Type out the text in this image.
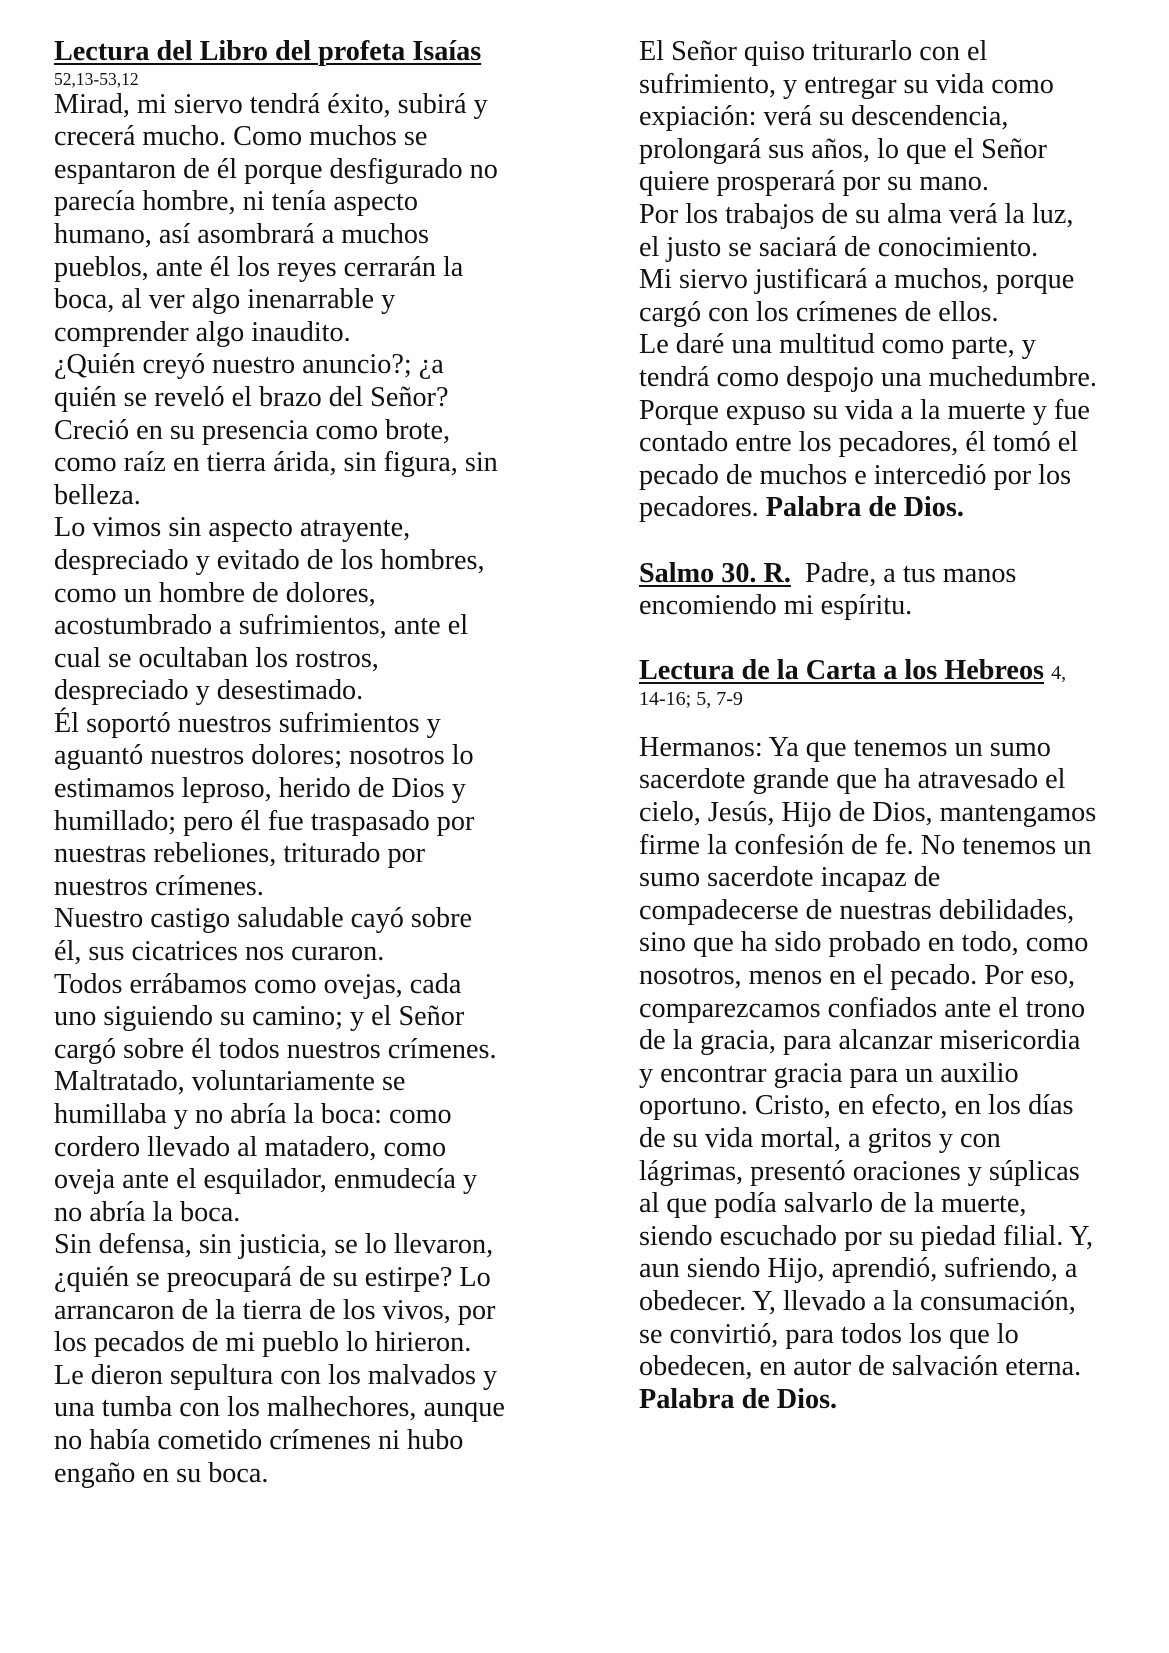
Lectura del Libro del profeta Isaías
52,13-53,12
Mirad, mi siervo tendrá éxito, subirá y
crecerá mucho. Como muchos se
espantaron de él porque desfigurado no
parecía hombre, ni tenía aspecto
humano, así asombrará a muchos
pueblos, ante él los reyes cerrarán la
boca, al ver algo inenarrable y
comprender algo inaudito.
¿Quién creyó nuestro anuncio?; ¿a
quién se reveló el brazo del Señor?
Creció en su presencia como brote,
como raíz en tierra árida, sin figura, sin
belleza.
Lo vimos sin aspecto atrayente,
despreciado y evitado de los hombres,
como un hombre de dolores,
acostumbrado a sufrimientos, ante el
cual se ocultaban los rostros,
despreciado y desestimado.
Él soportó nuestros sufrimientos y
aguantó nuestros dolores; nosotros lo
estimamos leproso, herido de Dios y
humillado; pero él fue traspasado por
nuestras rebeliones, triturado por
nuestros crímenes.
Nuestro castigo saludable cayó sobre
él, sus cicatrices nos curaron.
Todos errábamos como ovejas, cada
uno siguiendo su camino; y el Señor
cargó sobre él todos nuestros crímenes.
Maltratado, voluntariamente se
humillaba y no abría la boca: como
cordero llevado al matadero, como
oveja ante el esquilador, enmudecía y
no abría la boca.
Sin defensa, sin justicia, se lo llevaron,
¿quién se preocupará de su estirpe? Lo
arrancaron de la tierra de los vivos, por
los pecados de mi pueblo lo hirieron.
Le dieron sepultura con los malvados y
una tumba con los malhechores, aunque
no había cometido crímenes ni hubo
engaño en su boca.
El Señor quiso triturarlo con el
sufrimiento, y entregar su vida como
expiación: verá su descendencia,
prolongará sus años, lo que el Señor
quiere prosperará por su mano.
Por los trabajos de su alma verá la luz,
el justo se saciará de conocimiento.
Mi siervo justificará a muchos, porque
cargó con los crímenes de ellos.
Le daré una multitud como parte, y
tendrá como despojo una muchedumbre.
Porque expuso su vida a la muerte y fue
contado entre los pecadores, él tomó el
pecado de muchos e intercedió por los
pecadores. Palabra de Dios.
Salmo 30. R. Padre, a tus manos
encomiendo mi espíritu.
Lectura de la Carta a los Hebreos 4,
14-16; 5, 7-9
Hermanos: Ya que tenemos un sumo
sacerdote grande que ha atravesado el
cielo, Jesús, Hijo de Dios, mantengamos
firme la confesión de fe. No tenemos un
sumo sacerdote incapaz de
compadecerse de nuestras debilidades,
sino que ha sido probado en todo, como
nosotros, menos en el pecado. Por eso,
comparezcamos confiados ante el trono
de la gracia, para alcanzar misericordia
y encontrar gracia para un auxilio
oportuno. Cristo, en efecto, en los días
de su vida mortal, a gritos y con
lágrimas, presentó oraciones y súplicas
al que podía salvarlo de la muerte,
siendo escuchado por su piedad filial. Y,
aun siendo Hijo, aprendió, sufriendo, a
obedecer. Y, llevado a la consumación,
se convirtió, para todos los que lo
obedecen, en autor de salvación eterna.
Palabra de Dios.
